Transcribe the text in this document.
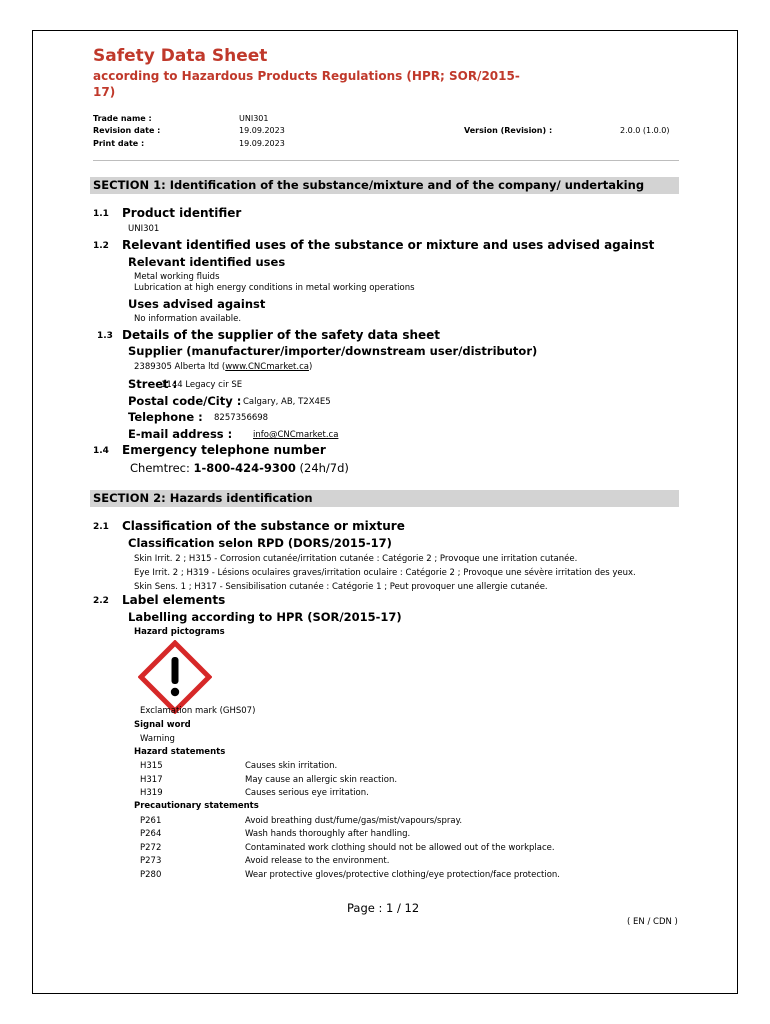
Safety Data Sheet
according to Hazardous Products Regulations (HPR; SOR/2015-
17)
Trade name :	UNI301
Revision date :	19.09.2023	Version (Revision) :	2.0.0 (1.0.0)
Print date :	19.09.2023
SECTION 1: Identification of the substance/mixture and of the company/ undertaking
1.1 Product identifier
UNI301
1.2 Relevant identified uses of the substance or mixture and uses advised against
Relevant identified uses
Metal working fluids
Lubrication at high energy conditions in metal working operations
Uses advised against
No information available.
1.3 Details of the supplier of the safety data sheet
Supplier (manufacturer/importer/downstream user/distributor)
2389305 Alberta ltd (www.CNCmarket.ca)
Street :
1144 Legacy cir SE
Postal code/City : Calgary, AB, T2X4E5
Telephone : 8257356698
E-mail address : info@CNCmarket.ca
1.4 Emergency telephone number
Chemtrec: 1-800-424-9300 (24h/7d)
SECTION 2: Hazards identification
2.1 Classification of the substance or mixture
Classification selon RPD (DORS/2015-17)
Skin Irrit. 2 ; H315 - Corrosion cutanée/irritation cutanée : Catégorie 2 ; Provoque une irritation cutanée.
Eye Irrit. 2 ; H319 - Lésions oculaires graves/irritation oculaire : Catégorie 2 ; Provoque une sévère irritation des yeux.
Skin Sens. 1 ; H317 - Sensibilisation cutanée : Catégorie 1 ; Peut provoquer une allergie cutanée.
2.2 Label elements
Labelling according to HPR (SOR/2015-17)
Hazard pictograms
Exclamation mark (GHS07)
Signal word
Warning
Hazard statements
H315	Causes skin irritation.
H317	May cause an allergic skin reaction.
H319	Causes serious eye irritation.
Precautionary statements
P261	Avoid breathing dust/fume/gas/mist/vapours/spray.
P264	Wash hands thoroughly after handling.
P272	Contaminated work clothing should not be allowed out of the workplace.
P273	Avoid release to the environment.
P280	Wear protective gloves/protective clothing/eye protection/face protection.
Page : 1 / 12
( EN / CDN )
